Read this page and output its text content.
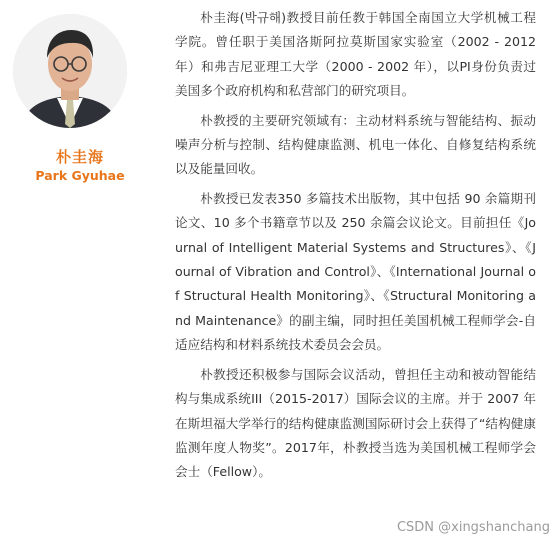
朴圭海
Park Gyuhae

朴圭海(박규해)教授目前任教于韩国全南国立大学机械工程学院。曾任职于美国洛斯阿拉莫斯国家实验室（2002 - 2012 年）和弗吉尼亚理工大学（2000 - 2002 年），以PI身份负责过美国多个政府机构和私营部门的研究项目。

朴教授的主要研究领域有：主动材料系统与智能结构、振动噪声分析与控制、结构健康监测、机电一体化、自修复结构系统以及能量回收。

朴教授已发表350 多篇技术出版物，其中包括 90 余篇期刊论文、10 多个书籍章节以及 250 余篇会议论文。目前担任《Journal of Intelligent Material Systems and Structures》、《Journal of Vibration and Control》、《International Journal of Structural Health Monitoring》、《Structural Monitoring and Maintenance》的副主编，同时担任美国机械工程师学会-自适应结构和材料系统技术委员会会员。

朴教授还积极参与国际会议活动，曾担任主动和被动智能结构与集成系统III（2015-2017）国际会议的主席。并于 2007 年在斯坦福大学举行的结构健康监测国际研讨会上获得了“结构健康监测年度人物奖”。2017年，朴教授当选为美国机械工程师学会会士（Fellow）。

CSDN @xingshanchang
